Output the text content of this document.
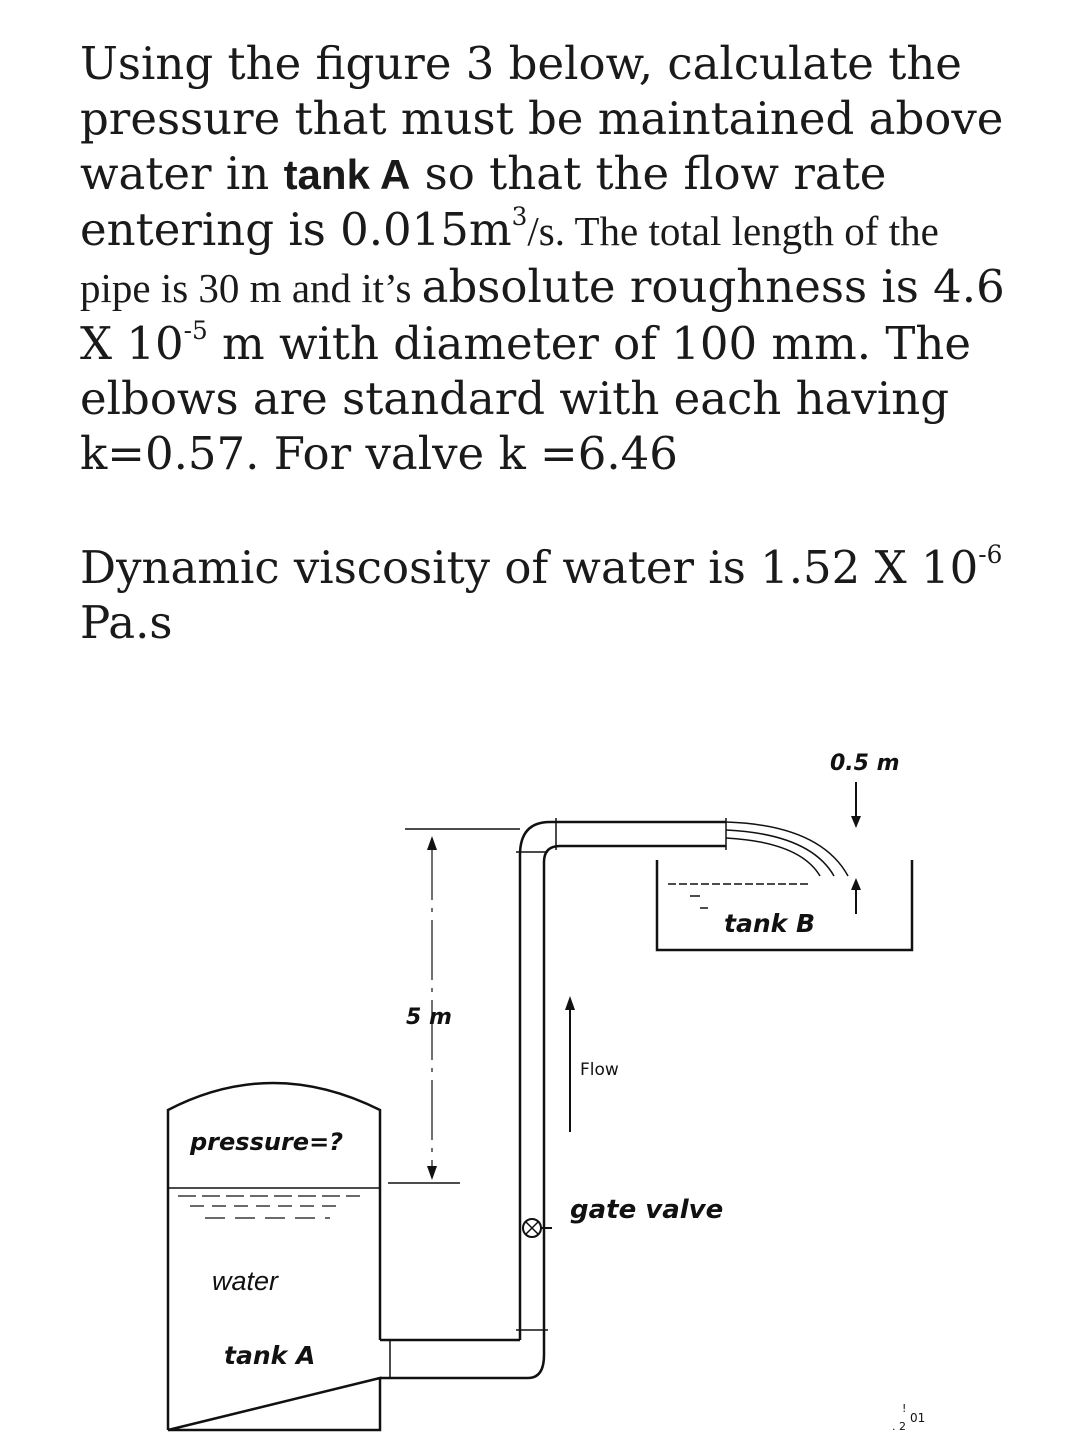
Using the figure 3 below, calculate the

pressure that must be maintained above

water in tank A so that the flow rate

entering is $0.015m^3/s$. The total length of the

pipe is 30 m and it’s absolute roughness is 4.6

X $10^{-5}$ m with diameter of 100 mm. The

elbows are standard with each having

k=0.57. For valve k =6.46

Dynamic viscosity of water is 1.52 X $10^{-6}$

Pa.s

tank B
0.5 m
5 m
Flow
gate valve
pressure=?
water
tank A
!
01
. 2
